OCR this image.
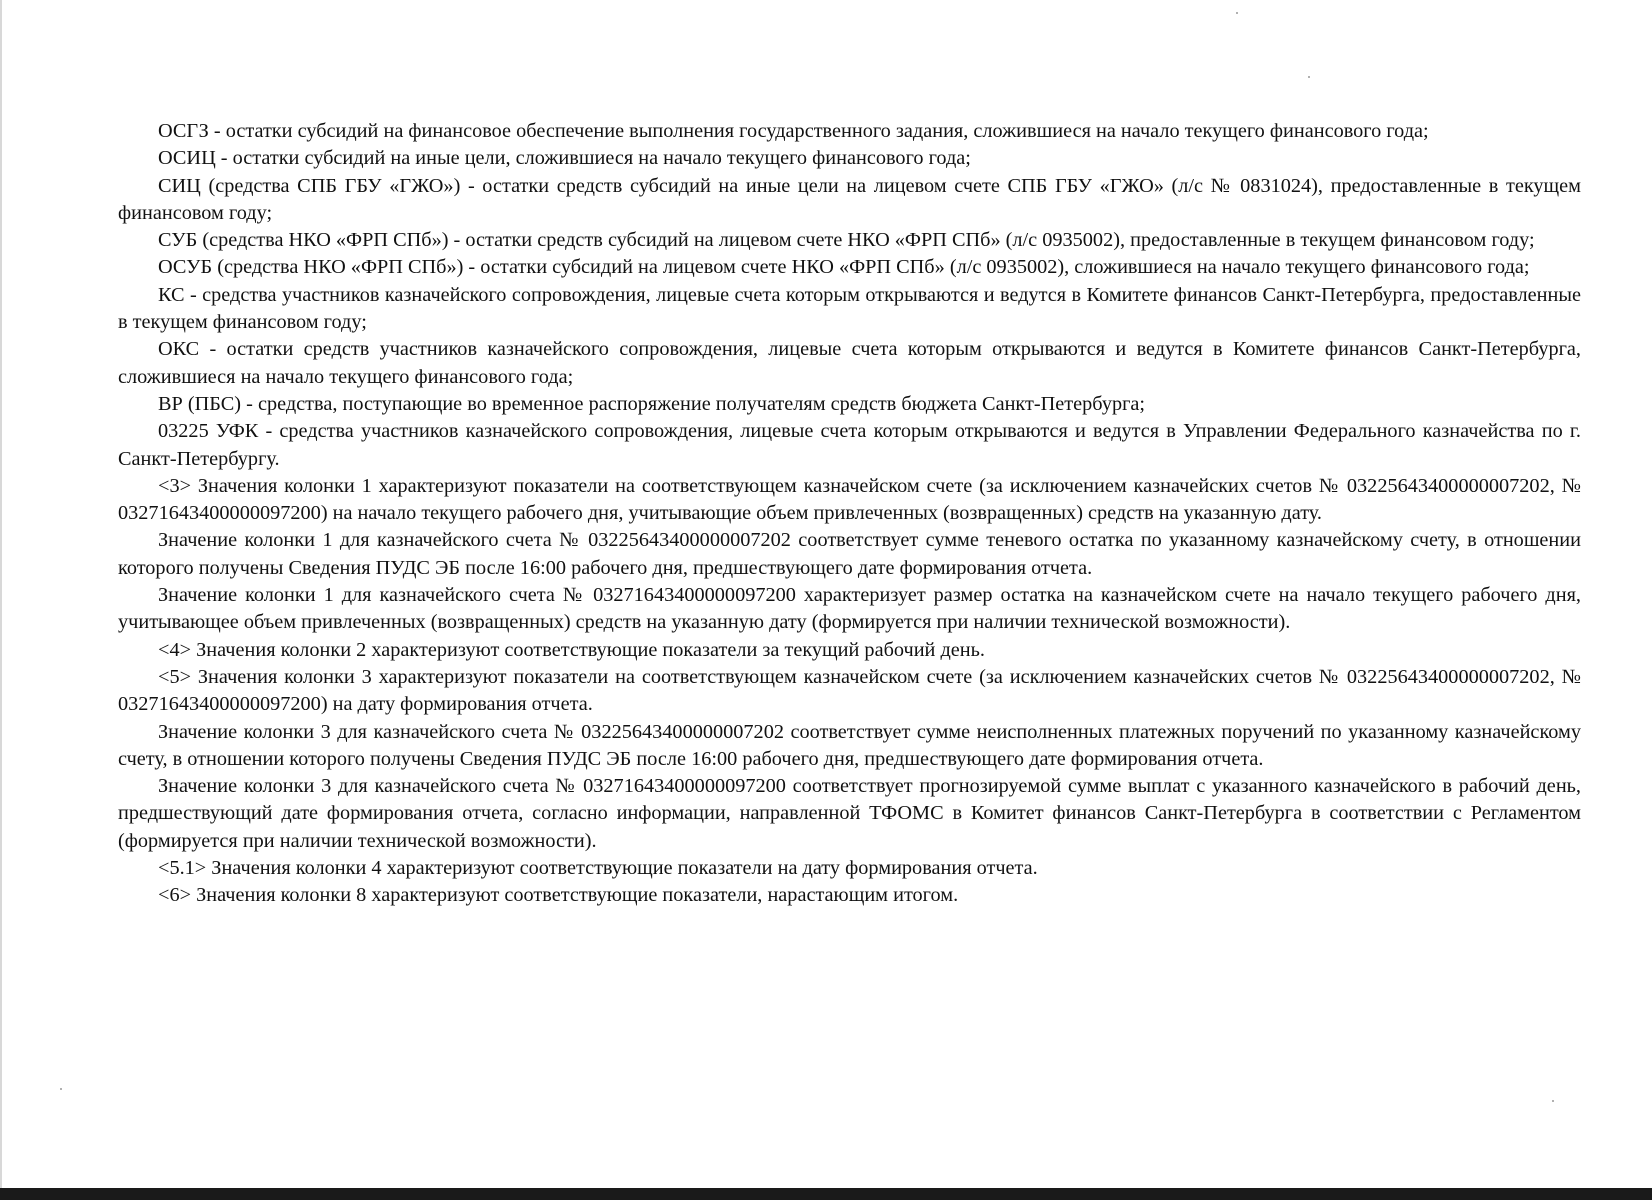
ОСГЗ - остатки субсидий на финансовое обеспечение выполнения государственного задания, сложившиеся на начало текущего финансового года;

ОСИЦ - остатки субсидий на иные цели, сложившиеся на начало текущего финансового года;

СИЦ (средства СПБ ГБУ «ГЖО») - остатки средств субсидий на иные цели на лицевом счете СПБ ГБУ «ГЖО» (л/с № 0831024), предоставленные в текущем финансовом году;

СУБ (средства НКО «ФРП СПб») - остатки средств субсидий на лицевом счете НКО «ФРП СПб» (л/с 0935002), предоставленные в текущем финансовом году;

ОСУБ (средства НКО «ФРП СПб») - остатки субсидий на лицевом счете НКО «ФРП СПб» (л/с 0935002), сложившиеся на начало текущего финансового года;

КС - средства участников казначейского сопровождения, лицевые счета которым открываются и ведутся в Комитете финансов Санкт-Петербурга, предоставленные в текущем финансовом году;

ОКС - остатки средств участников казначейского сопровождения, лицевые счета которым открываются и ведутся в Комитете финансов Санкт-Петербурга, сложившиеся на начало текущего финансового года;

ВР (ПБС) - средства, поступающие во временное распоряжение получателям средств бюджета Санкт-Петербурга;

03225 УФК - средства участников казначейского сопровождения, лицевые счета которым открываются и ведутся в Управлении Федерального казначейства по г. Санкт-Петербургу.

<3> Значения колонки 1 характеризуют показатели на соответствующем казначейском счете (за исключением казначейских счетов № 03225643400000007202, № 03271643400000097200) на начало текущего рабочего дня, учитывающие объем привлеченных (возвращенных) средств на указанную дату.

Значение колонки 1 для казначейского счета № 03225643400000007202 соответствует сумме теневого остатка по указанному казначейскому счету, в отношении которого получены Сведения ПУДС ЭБ после 16:00 рабочего дня, предшествующего дате формирования отчета.

Значение колонки 1 для казначейского счета № 03271643400000097200 характеризует размер остатка на казначейском счете на начало текущего рабочего дня, учитывающее объем привлеченных (возвращенных) средств на указанную дату (формируется при наличии технической возможности).

<4> Значения колонки 2 характеризуют соответствующие показатели за текущий рабочий день.

<5> Значения колонки 3 характеризуют показатели на соответствующем казначейском счете (за исключением казначейских счетов № 03225643400000007202, № 03271643400000097200) на дату формирования отчета.

Значение колонки 3 для казначейского счета № 03225643400000007202 соответствует сумме неисполненных платежных поручений по указанному казначейскому счету, в отношении которого получены Сведения ПУДС ЭБ после 16:00 рабочего дня, предшествующего дате формирования отчета.

Значение колонки 3 для казначейского счета № 03271643400000097200 соответствует прогнозируемой сумме выплат с указанного казначейского в рабочий день, предшествующий дате формирования отчета, согласно информации, направленной ТФОМС в Комитет финансов Санкт-Петербурга в соответствии с Регламентом (формируется при наличии технической возможности).

<5.1> Значения колонки 4 характеризуют соответствующие показатели на дату формирования отчета.

<6> Значения колонки 8 характеризуют соответствующие показатели, нарастающим итогом.
